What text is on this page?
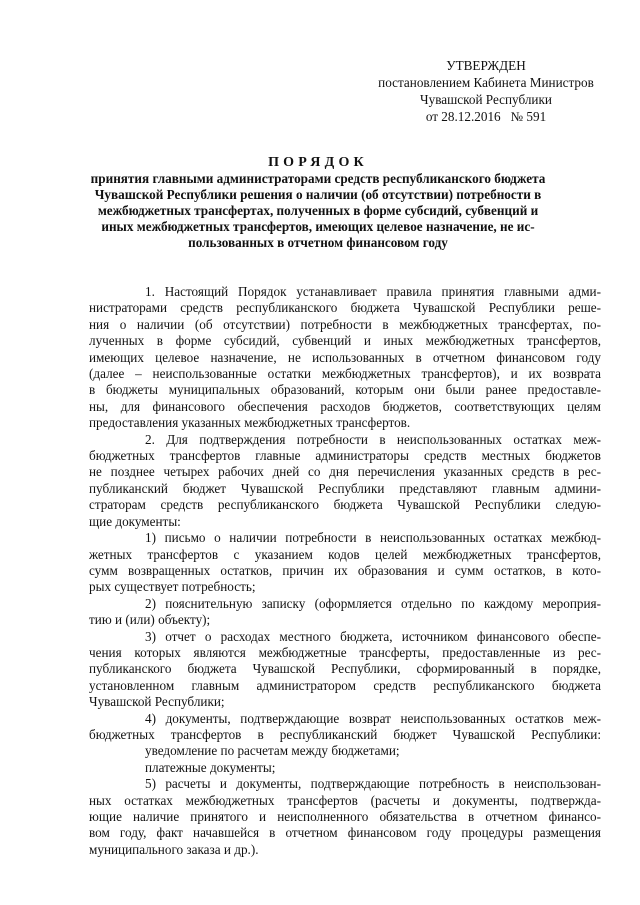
УТВЕРЖДЕН
постановлением Кабинета Министров
Чувашской Республики
от 28.12.2016   № 591
ПОРЯДОК
принятия главными администраторами средств республиканского бюджета
Чувашской Республики решения о наличии (об отсутствии) потребности в
межбюджетных трансфертах, полученных в форме субсидий, субвенций и
иных межбюджетных трансфертов, имеющих целевое назначение, не ис-
пользованных в отчетном финансовом году
1. Настоящий Порядок устанавливает правила принятия главными адми-
нистраторами средств республиканского бюджета Чувашской Республики реше-
ния о наличии (об отсутствии) потребности в межбюджетных трансфертах, по-
лученных в форме субсидий, субвенций и иных межбюджетных трансфертов,
имеющих целевое назначение, не использованных в отчетном финансовом году
(далее – неиспользованные остатки межбюджетных трансфертов), и их возврата
в бюджеты муниципальных образований, которым они были ранее предоставле-
ны, для финансового обеспечения расходов бюджетов, соответствующих целям
предоставления указанных межбюджетных трансфертов.
2. Для подтверждения потребности в неиспользованных остатках меж-
бюджетных трансфертов главные администраторы средств местных бюджетов
не позднее четырех рабочих дней со дня перечисления указанных средств в рес-
публиканский бюджет Чувашской Республики представляют главным админи-
страторам средств республиканского бюджета Чувашской Республики следую-
щие документы:
1) письмо о наличии потребности в неиспользованных остатках межбюд-
жетных трансфертов с указанием кодов целей межбюджетных трансфертов,
сумм возвращенных остатков, причин их образования и сумм остатков, в кото-
рых существует потребность;
2) пояснительную записку (оформляется отдельно по каждому мероприя-
тию и (или) объекту);
3) отчет о расходах местного бюджета, источником финансового обеспе-
чения которых являются межбюджетные трансферты, предоставленные из рес-
публиканского бюджета Чувашской Республики, сформированный в порядке,
установленном главным администратором средств республиканского бюджета
Чувашской Республики;
4) документы, подтверждающие возврат неиспользованных остатков меж-
бюджетных трансфертов в республиканский бюджет Чувашской Республики:
уведомление по расчетам между бюджетами;
платежные документы;
5) расчеты и документы, подтверждающие потребность в неиспользован-
ных остатках межбюджетных трансфертов (расчеты и документы, подтвержда-
ющие наличие принятого и неисполненного обязательства в отчетном финансо-
вом году, факт начавшейся в отчетном финансовом году процедуры размещения
муниципального заказа и др.).
